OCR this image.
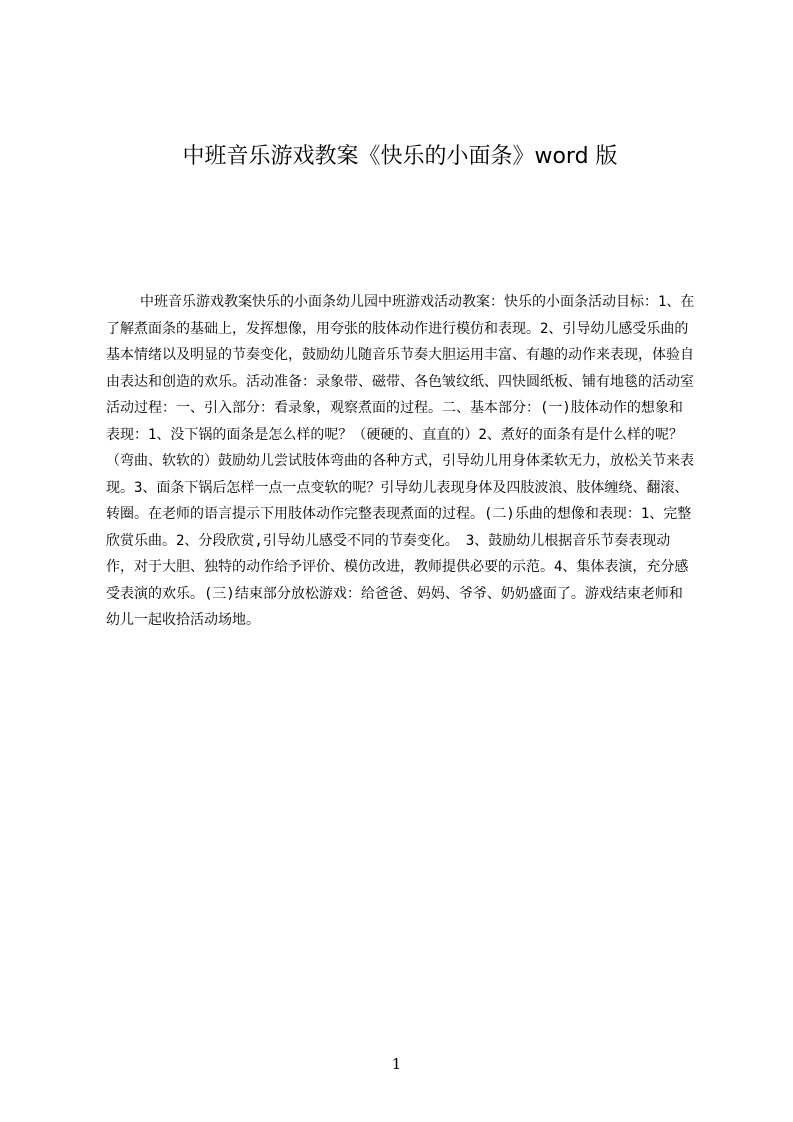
中班音乐游戏教案《快乐的小面条》word 版

中班音乐游戏教案快乐的小面条幼儿园中班游戏活动教案：快乐的小面条活动目标：1、在了解煮面条的基础上，发挥想像，用夸张的肢体动作进行模仿和表现。2、引导幼儿感受乐曲的基本情绪以及明显的节奏变化，鼓励幼儿随音乐节奏大胆运用丰富、有趣的动作来表现，体验自由表达和创造的欢乐。活动准备：录象带、磁带、各色皱纹纸、四快圆纸板、铺有地毯的活动室活动过程：一、引入部分：看录象，观察煮面的过程。二、基本部分：(一)肢体动作的想象和表现：1、没下锅的面条是怎么样的呢？（硬硬的、直直的）2、煮好的面条有是什么样的呢？（弯曲、软软的）鼓励幼儿尝试肢体弯曲的各种方式，引导幼儿用身体柔软无力，放松关节来表现。3、面条下锅后怎样一点一点变软的呢？引导幼儿表现身体及四肢波浪、肢体缠绕、翻滚、转圈。在老师的语言提示下用肢体动作完整表现煮面的过程。(二)乐曲的想像和表现：1、完整欣赏乐曲。2、分段欣赏,引导幼儿感受不同的节奏变化。　3、鼓励幼儿根据音乐节奏表现动作，对于大胆、独特的动作给予评价、模仿改进，教师提供必要的示范。4、集体表演，充分感受表演的欢乐。(三)结束部分放松游戏：给爸爸、妈妈、爷爷、奶奶盛面了。游戏结束老师和幼儿一起收拾活动场地。

1
